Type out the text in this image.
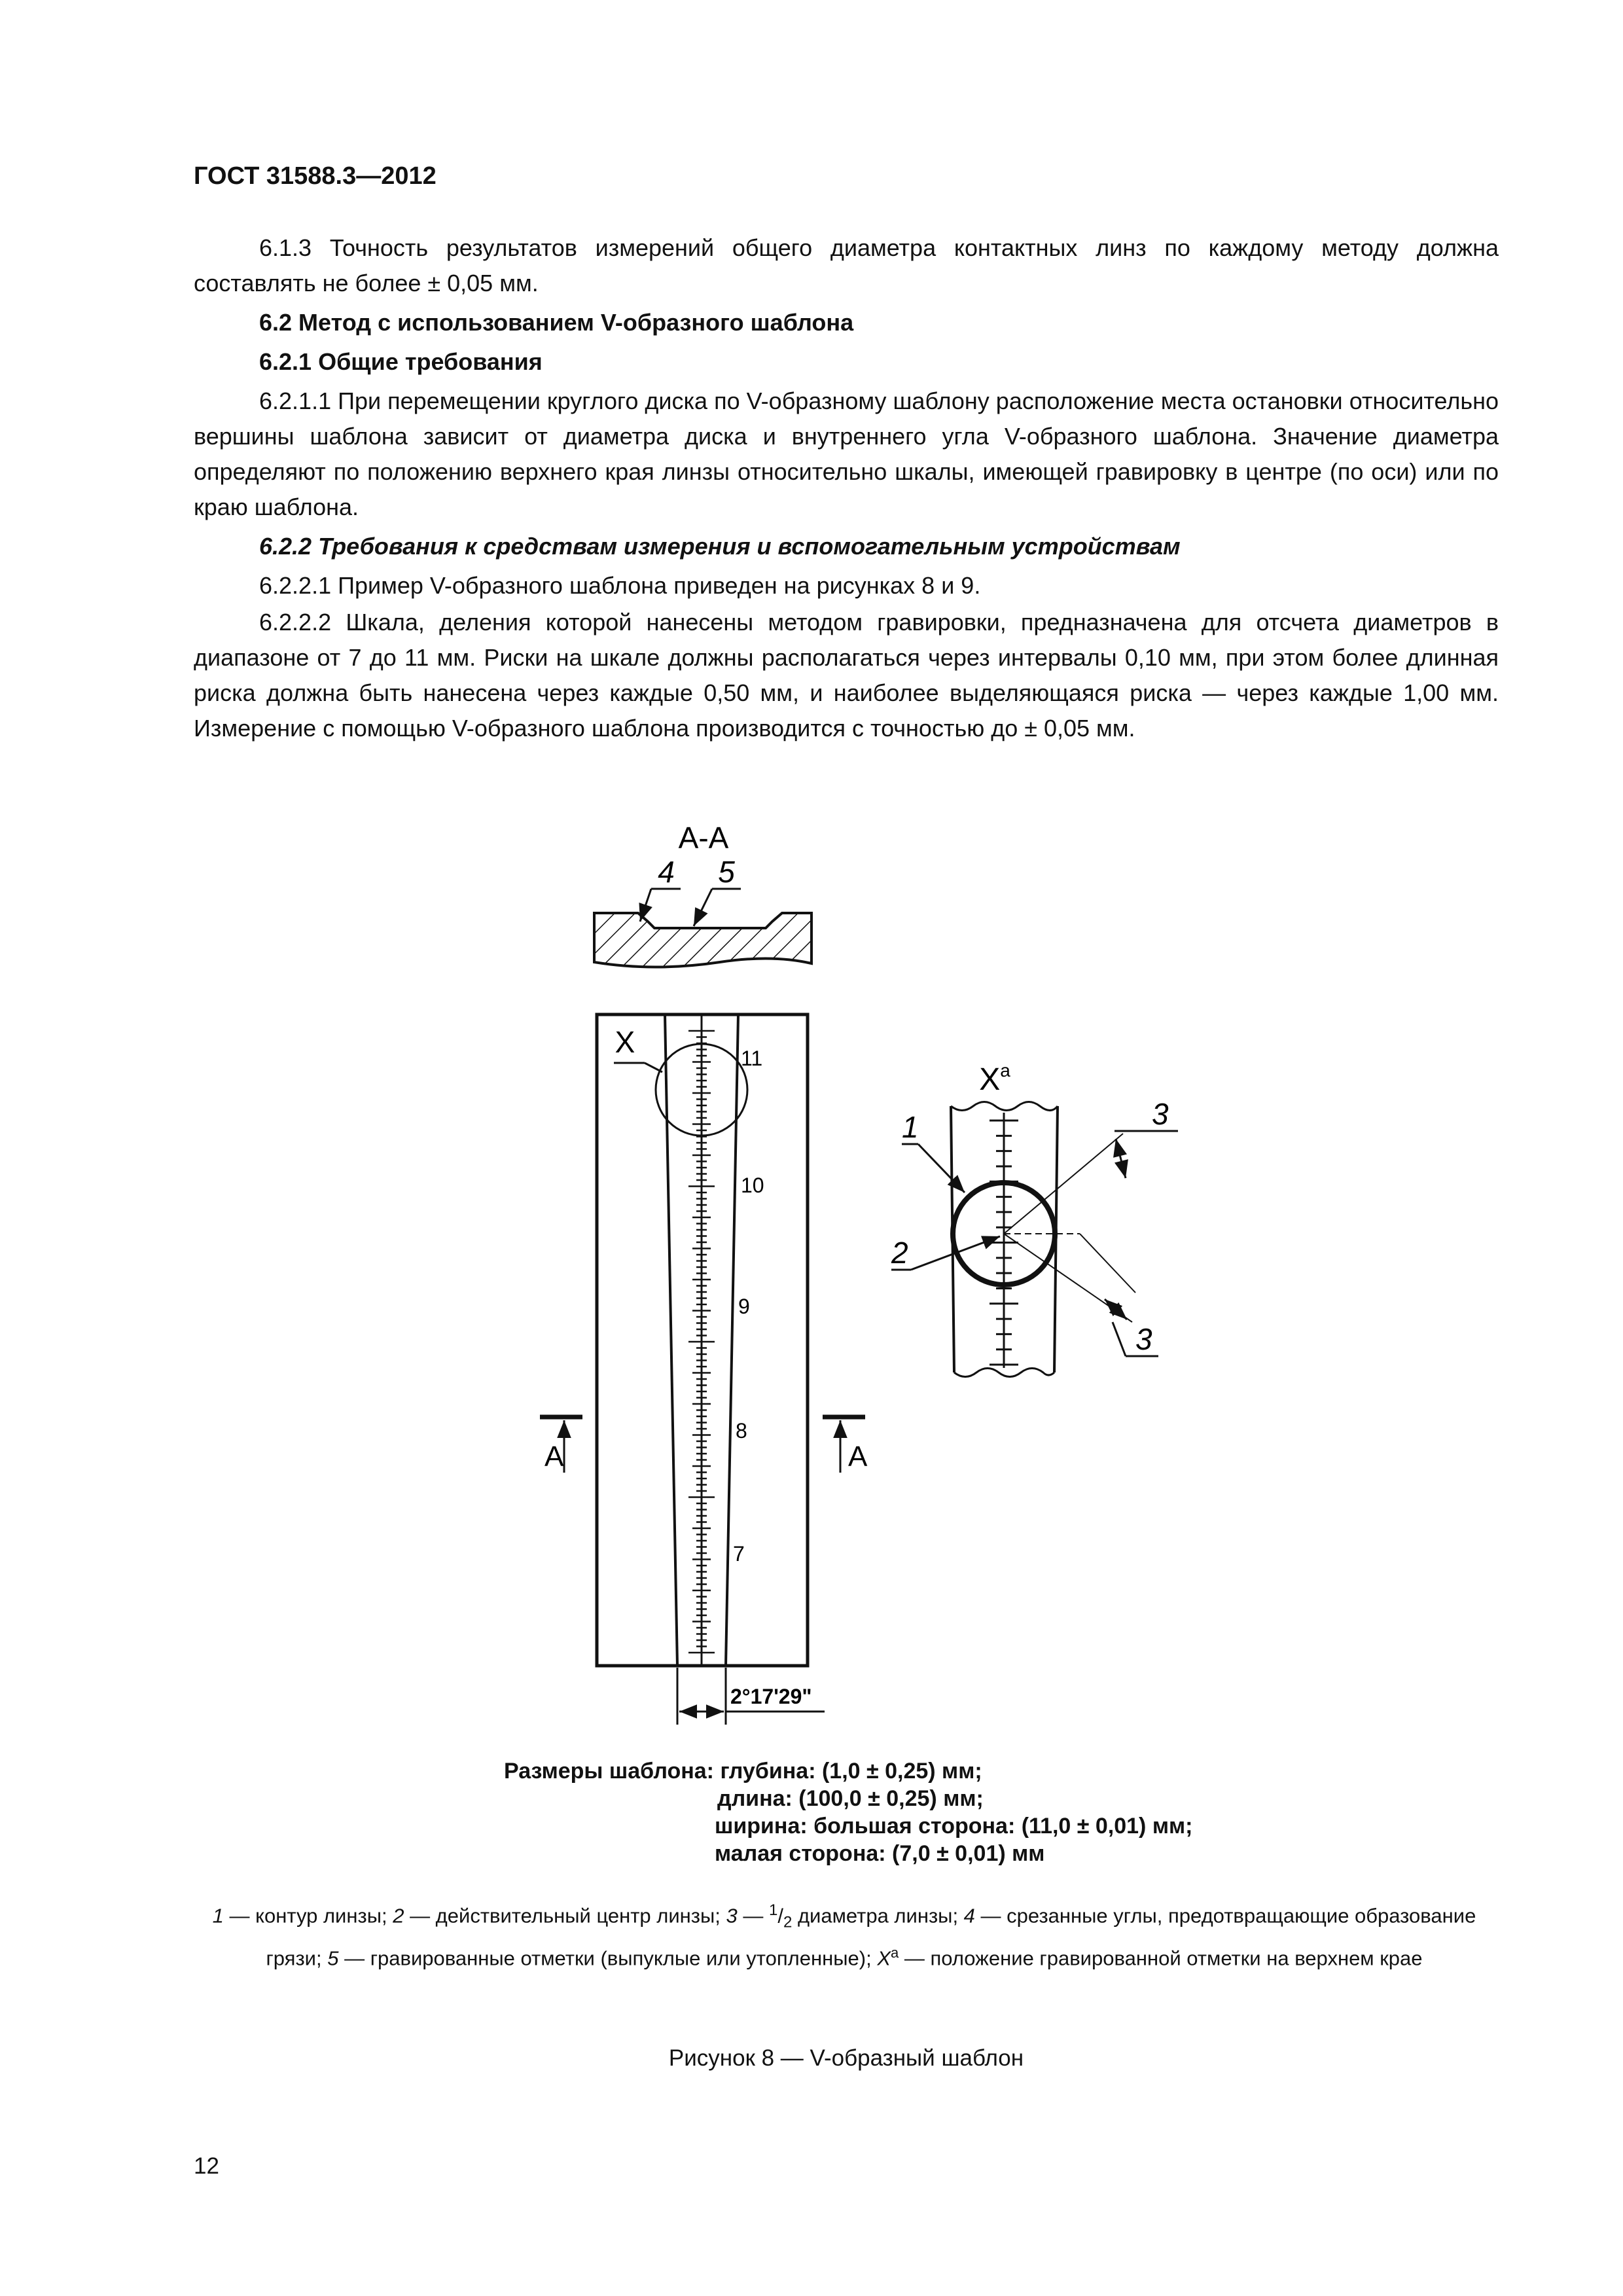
ГОСТ 31588.3—2012

6.1.3 Точность результатов измерений общего диаметра контактных линз по каждому методу должна составлять не более ± 0,05 мм.

6.2 Метод с использованием V-образного шаблона
6.2.1 Общие требования

6.2.1.1 При перемещении круглого диска по V-образному шаблону расположение места остановки относительно вершины шаблона зависит от диаметра диска и внутреннего угла V-образного шаблона. Значение диаметра определяют по положению верхнего края линзы относительно шкалы, имеющей гравировку в центре (по оси) или по краю шаблона.

6.2.2 Требования к средствам измерения и вспомогательным устройствам

6.2.2.1 Пример V-образного шаблона приведен на рисунках 8 и 9.

6.2.2.2 Шкала, деления которой нанесены методом гравировки, предназначена для отсчета диаметров в диапазоне от 7 до 11 мм. Риски на шкале должны располагаться через интервалы 0,10 мм, при этом более длинная риска должна быть нанесена через каждые 0,50 мм, и наиболее выделяющаяся риска — через каждые 1,00 мм. Измерение с помощью V-образного шаблона производится с точностью до ± 0,05 мм.

А-А
4 5
11
10
9
8
7
X
А	А
2°17'29"
$X^a$
1
2
3
3
Размеры шаблона: глубина: (1,0 ± 0,25) мм;
длина: (100,0 ± 0,25) мм;
ширина: большая сторона: (11,0 ± 0,01) мм;
малая сторона: (7,0 ± 0,01) мм
1 — контур линзы; 2 — действительный центр линзы; 3 — $^1/_2$ диаметра линзы; 4 — срезанные углы, предотвращающие образование грязи; 5 — гравированные отметки (выпуклые или утопленные); $X^a$ — положение гравированной отметки на верхнем крае
Рисунок 8 — V-образный шаблон
12
